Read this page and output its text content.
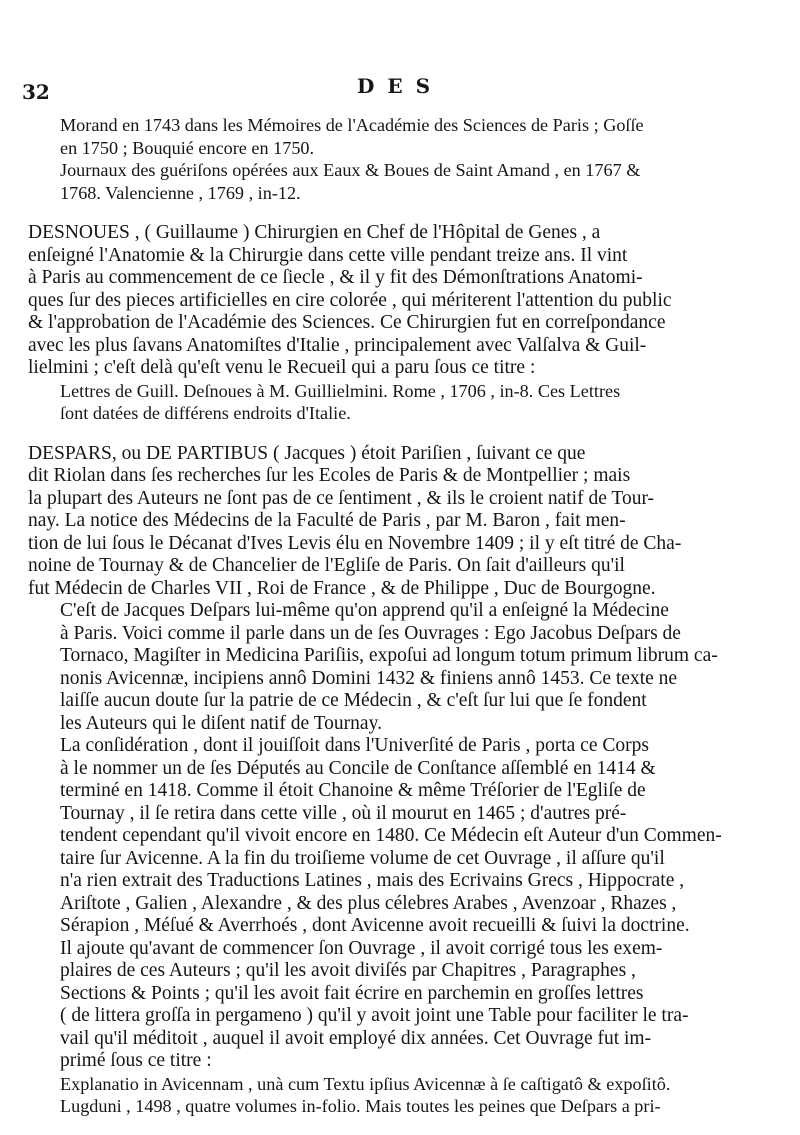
32	DES

Morand en 1743 dans les Mémoires de l'Académie des Sciences de Paris ; Goſſe
en 1750 ; Bouquié encore en 1750.

Journaux des guériſons opérées aux Eaux & Boues de Saint Amand , en 1767 &
1768. Valencienne , 1769 , in-12.

DESNOUES , ( Guillaume ) Chirurgien en Chef de l'Hôpital de Genes , a
enſeigné l'Anatomie & la Chirurgie dans cette ville pendant treize ans. Il vint
à Paris au commencement de ce ſiecle , & il y fit des Démonſtrations Anatomi-
ques ſur des pieces artificielles en cire colorée , qui mériterent l'attention du public
& l'approbation de l'Académie des Sciences. Ce Chirurgien fut en correſpondance
avec les plus ſavans Anatomiſtes d'Italie , principalement avec Valſalva & Guil-
lielmini ; c'eſt delà qu'eſt venu le Recueil qui a paru ſous ce titre :

Lettres de Guill. Deſnoues à M. Guillielmini. Rome , 1706 , in-8. Ces Lettres
ſont datées de différens endroits d'Italie.

DESPARS, ou DE PARTIBUS ( Jacques ) étoit Pariſien , ſuivant ce que
dit Riolan dans ſes recherches ſur les Ecoles de Paris & de Montpellier ; mais
la plupart des Auteurs ne ſont pas de ce ſentiment , & ils le croient natif de Tour-
nay. La notice des Médecins de la Faculté de Paris , par M. Baron , fait men-
tion de lui ſous le Décanat d'Ives Levis élu en Novembre 1409 ; il y eſt titré de Cha-
noine de Tournay & de Chancelier de l'Egliſe de Paris. On ſait d'ailleurs qu'il
fut Médecin de Charles VII , Roi de France , & de Philippe , Duc de Bourgogne.

C'eſt de Jacques Deſpars lui-même qu'on apprend qu'il a enſeigné la Médecine
à Paris. Voici comme il parle dans un de ſes Ouvrages : Ego Jacobus Deſpars de
Tornaco, Magiſter in Medicina Pariſiis, expoſui ad longum totum primum librum ca-
nonis Avicennæ, incipiens annô Domini 1432 & finiens annô 1453. Ce texte ne
laiſſe aucun doute ſur la patrie de ce Médecin , & c'eſt ſur lui que ſe fondent
les Auteurs qui le diſent natif de Tournay.

La conſidération , dont il jouiſſoit dans l'Univerſité de Paris , porta ce Corps
à le nommer un de ſes Députés au Concile de Conſtance aſſemblé en 1414 &
terminé en 1418. Comme il étoit Chanoine & même Tréſorier de l'Egliſe de
Tournay , il ſe retira dans cette ville , où il mourut en 1465 ; d'autres pré-
tendent cependant qu'il vivoit encore en 1480. Ce Médecin eſt Auteur d'un Commen-
taire ſur Avicenne. A la fin du troiſieme volume de cet Ouvrage , il aſſure qu'il
n'a rien extrait des Traductions Latines , mais des Ecrivains Grecs , Hippocrate ,
Ariſtote , Galien , Alexandre , & des plus célebres Arabes , Avenzoar , Rhazes ,
Sérapion , Méſué & Averrhoés , dont Avicenne avoit recueilli & ſuivi la doctrine.
Il ajoute qu'avant de commencer ſon Ouvrage , il avoit corrigé tous les exem-
plaires de ces Auteurs ; qu'il les avoit diviſés par Chapitres , Paragraphes ,
Sections & Points ; qu'il les avoit fait écrire en parchemin en groſſes lettres
( de littera groſſa in pergameno ) qu'il y avoit joint une Table pour faciliter le tra-
vail qu'il méditoit , auquel il avoit employé dix années. Cet Ouvrage fut im-
primé ſous ce titre :

Explanatio in Avicennam , unà cum Textu ipſius Avicennæ à ſe caſtigatô & expoſitô.
Lugduni , 1498 , quatre volumes in-folio. Mais toutes les peines que Deſpars a pri-
